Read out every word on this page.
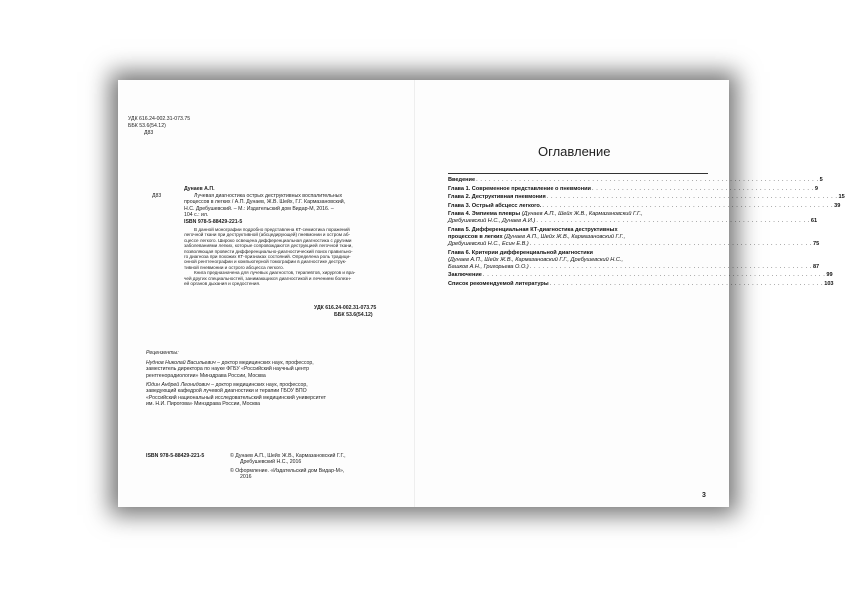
УДК 616.24-002.31-073.75
ББК 53.6(54.12)
Д83
Дунаев А.П.
Д83	Лучевая диагностика острых деструктивных воспалительных
процессов в легких / А.П. Дунаев, Ж.В. Шейх, Г.Г. Кармазановский,
Н.С. Дребушевский. – М.: Издательский дом Видар-М, 2016. –
104 с.: ил.
ISBN 978-5-88429-221-5
В данной монографии подробно представлена КТ-семиотика поражений
легочной ткани при деструктивной (абсцедирующей) пневмонии и остром аб-
сцессе легкого. Широко освещена дифференциальная диагностика с другими
заболеваниями легких, которые сопровождаются деструкцией легочной ткани,
позволяющая провести дифференциально-диагностический поиск правильно-
го диагноза при похожих КТ-признаках состояний. Определена роль традици-
онной рентгенографии и компьютерной томографии в диагностике деструк-
тивной пневмонии и острого абсцесса легкого.
Книга предназначена для лучевых диагностов, терапевтов, хирургов и вра-
чей других специальностей, занимающихся диагностикой и лечением болезн-
ей органов дыхания и средостения.
УДК 616.24-002.31-073.75
ББК 53.6(54.12)
Рецензенты:
Нуднов Николай Васильевич – доктор медицинских наук, профессор,
заместитель директора по науке ФГБУ «Российский научный центр
рентгенорадиологии» Минздрава России, Москва
Юдин Андрей Леонидович – доктор медицинских наук, профессор,
заведующий кафедрой лучевой диагностики и терапии ГБОУ ВПО
«Российский национальный исследовательский медицинский университет
им. Н.И. Пирогова» Минздрава России, Москва
ISBN 978-5-88429-221-5	© Дунаев А.П., Шейх Ж.В., Кармазановский Г.Г.,
Дребушевский Н.С., 2016
© Оформление. «Издательский дом Видар-М»,
2016
Оглавление
Введение . . . . . . . . . . . . . . . . . . . . . . . . . . . . . . . . . . . . . . . . . . . . . . . . . . . . . . . . . . . . . . . . . . . . . . . . . . . . . . . . 5
Глава 1. Современное представление о пневмонии . . . . . . . . . . . . . . . . . . . . . . . . . . . . . . . . . . . . . . . . . . . . . . . . . . . . 9
Глава 2. Деструктивная пневмония . . . . . . . . . . . . . . . . . . . . . . . . . . . . . . . . . . . . . . . . . . . . . . . . . . . . . . . . . . . . . . . . . . . . 15
Глава 3. Острый абсцесс легкого. . . . . . . . . . . . . . . . . . . . . . . . . . . . . . . . . . . . . . . . . . . . . . . . . . . . . . . . . . . . . . . . . . . . . 39
Глава 4. Эмпиема плевры (Дунаев А.П., Шейх Ж.В., Кармазановский Г.Г.,
Дребушевский Н.С., Дунаев А.И.) . . . . . . . . . . . . . . . . . . . . . . . . . . . . . . . . . . . . . . . . . . . . . . . . . . . . . . . . . . . . . . . . 61
Глава 5. Дифференциальная КТ-диагностика деструктивных
процессов в легких (Дунаев А.П., Шейх Ж.В., Кармазановский Г.Г.,
Дребушевский Н.С., Есин Е.В.) . . . . . . . . . . . . . . . . . . . . . . . . . . . . . . . . . . . . . . . . . . . . . . . . . . . . . . . . . . . . . . . . . . 75
Глава 6. Критерии дифференциальной диагностики
(Дунаев А.П., Шейх Ж.В., Кармазановский Г.Г., Дребушевский Н.С.,
Башков А.Н., Григорьева О.О.) . . . . . . . . . . . . . . . . . . . . . . . . . . . . . . . . . . . . . . . . . . . . . . . . . . . . . . . . . . . . . . . . . . 87
Заключение . . . . . . . . . . . . . . . . . . . . . . . . . . . . . . . . . . . . . . . . . . . . . . . . . . . . . . . . . . . . . . . . . . . . . . . . . . . . . . . . 99
Список рекомендуемой литературы . . . . . . . . . . . . . . . . . . . . . . . . . . . . . . . . . . . . . . . . . . . . . . . . . . . . . . . . . . . . . . . . 103
3
